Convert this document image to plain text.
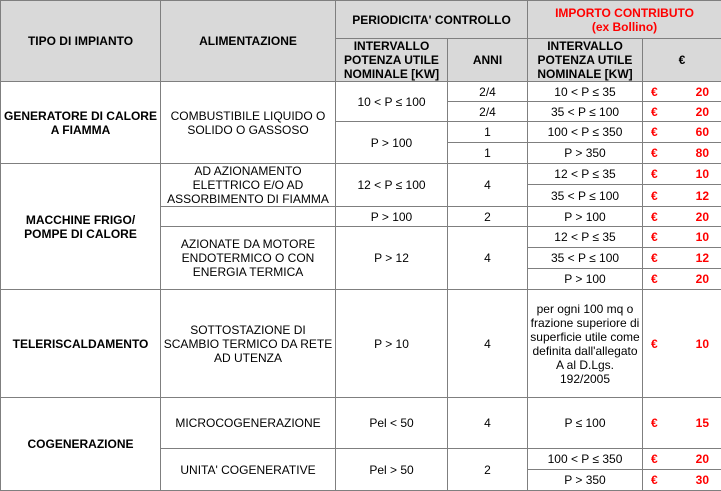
TIPO DI IMPIANTO	ALIMENTAZIONE	PERIODICITA' CONTROLLO		IMPORTO CONTRIBUTO
(ex Bollino)	

		INTERVALLO POTENZA UTILE NOMINALE [KW]	ANNI	INTERVALLO POTENZA UTILE NOMINALE [KW]	€
GENERATORE DI CALORE A FIAMMA	COMBUSTIBILE LIQUIDO O SOLIDO O GASSOSO	10 < P ≤ 100	2/4	10 < P ≤ 35	€ 20

			2/4	35 < P ≤ 100	€ 20

		P > 100	1	100 < P ≤ 350	€ 60

			1	P > 350	€ 80

MACCHINE FRIGO/ POMPE DI CALORE	AD AZIONAMENTO ELETTRICO E/O AD ASSORBIMENTO DI FIAMMA	12 < P ≤ 100	4	12 < P ≤ 35	€ 10

				35 < P ≤ 100	€ 12

		P > 100	2	P > 100	€ 20

	AZIONATE DA MOTORE ENDOTERMICO O CON ENERGIA TERMICA	P > 12	4	12 < P ≤ 35	€ 10

				35 < P ≤ 100	€ 12

				P > 100	€ 20

TELERISCALDAMENTO	SOTTOSTAZIONE DI SCAMBIO TERMICO DA RETE AD UTENZA	P > 10	4	per ogni 100 mq o frazione superiore di superficie utile come definita dall'allegato A al D.Lgs. 192/2005	€ 10

COGENERAZIONE	MICROCOGENERAZIONE	Pel < 50	4	P ≤ 100	€ 15

	UNITA' COGENERATIVE	Pel > 50	2	100 < P ≤ 350	€ 20

				P > 350	€ 30
